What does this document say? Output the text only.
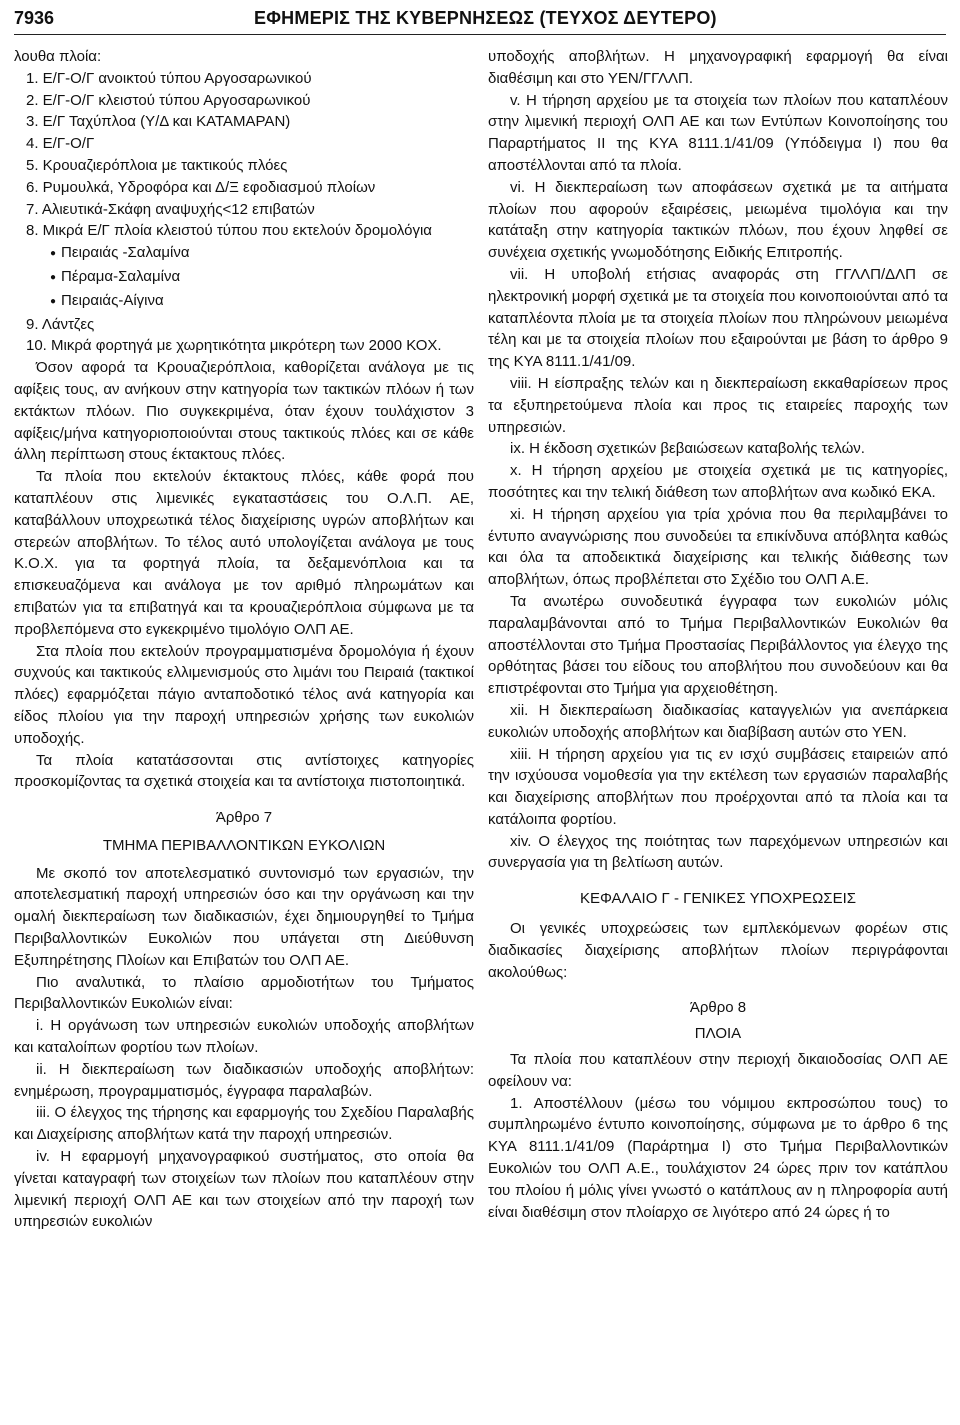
7936	ΕΦΗΜΕΡΙΣ ΤΗΣ ΚΥΒΕΡΝΗΣΕΩΣ (ΤΕΥΧΟΣ ΔΕΥΤΕΡΟ)

λουθα πλοία:

1. Ε/Γ-Ο/Γ ανοικτού τύπου Αργοσαρωνικού
2. Ε/Γ-Ο/Γ κλειστού τύπου Αργοσαρωνικού
3. Ε/Γ Ταχύπλοα (Υ/Δ και ΚΑΤΑΜΑΡΑΝ)
4. Ε/Γ-Ο/Γ
5. Κρουαζιερόπλοια με τακτικούς πλόες
6. Ρυμουλκά, Υδροφόρα και Δ/Ξ εφοδιασμού πλοίων
7. Αλιευτικά-Σκάφη αναψυχής<12 επιβατών
8. Μικρά Ε/Γ πλοία κλειστού τύπου που εκτελούν δρομολόγια
● Πειραιάς -Σαλαμίνα
● Πέραμα-Σαλαμίνα
● Πειραιάς-Αίγινα
9. Λάντζες
10. Μικρά φορτηγά με χωρητικότητα μικρότερη των 2000 ΚΟΧ.

Όσον αφορά τα Κρουαζιερόπλοια, καθορίζεται ανάλογα με τις αφίξεις τους, αν ανήκουν στην κατηγορία των τακτικών πλόων ή των εκτάκτων πλόων. Πιο συγκεκριμένα, όταν έχουν τουλάχιστον 3 αφίξεις/μήνα κατηγοριοποιούνται στους τακτικούς πλόες και σε κάθε άλλη περίπτωση στους έκτακτους πλόες.

Τα πλοία που εκτελούν έκτακτους πλόες, κάθε φορά που καταπλέουν στις λιμενικές εγκαταστάσεις του Ο.Λ.Π. ΑΕ, καταβάλλουν υποχρεωτικά τέλος διαχείρισης υγρών αποβλήτων και στερεών αποβλήτων. Το τέλος αυτό υπολογίζεται ανάλογα με τους Κ.Ο.Χ. για τα φορτηγά πλοία, τα δεξαμενόπλοια και τα επισκευαζόμενα και ανάλογα με τον αριθμό πληρωμάτων και επιβατών για τα επιβατηγά και τα κρουαζιερόπλοια σύμφωνα με τα προβλεπόμενα στο εγκεκριμένο τιμολόγιο ΟΛΠ ΑΕ.

Στα πλοία που εκτελούν προγραμματισμένα δρομολόγια ή έχουν συχνούς και τακτικούς ελλιμενισμούς στο λιμάνι του Πειραιά (τακτικοί πλόες) εφαρμόζεται πάγιο ανταποδοτικό τέλος ανά κατηγορία και είδος πλοίου για την παροχή υπηρεσιών χρήσης των ευκολιών υποδοχής.

Τα πλοία κατατάσσονται στις αντίστοιχες κατηγορίες προσκομίζοντας τα σχετικά στοιχεία και τα αντίστοιχα πιστοποιητικά.

Άρθρο 7

ΤΜΗΜΑ ΠΕΡΙΒΑΛΛΟΝΤΙΚΩΝ ΕΥΚΟΛΙΩΝ

Με σκοπό τον αποτελεσματικό συντονισμό των εργασιών, την αποτελεσματική παροχή υπηρεσιών όσο και την οργάνωση και την ομαλή διεκπεραίωση των διαδικασιών, έχει δημιουργηθεί το Τμήμα Περιβαλλοντικών Ευκολιών που υπάγεται στη Διεύθυνση Εξυπηρέτησης Πλοίων και Επιβατών του ΟΛΠ ΑΕ.

Πιο αναλυτικά, το πλαίσιο αρμοδιοτήτων του Τμήματος Περιβαλλοντικών Ευκολιών είναι:

i. Η οργάνωση των υπηρεσιών ευκολιών υποδοχής αποβλήτων και καταλοίπων φορτίου των πλοίων.

ii. Η διεκπεραίωση των διαδικασιών υποδοχής αποβλήτων: ενημέρωση, προγραμματισμός, έγγραφα παραλαβών.

iii. Ο έλεγχος της τήρησης και εφαρμογής του Σχεδίου Παραλαβής και Διαχείρισης αποβλήτων κατά την παροχή υπηρεσιών.

iv. Η εφαρμογή μηχανογραφικού συστήματος, στο οποία θα γίνεται καταγραφή των στοιχείων των πλοίων που καταπλέουν στην λιμενική περιοχή ΟΛΠ ΑΕ και των στοιχείων από την παροχή των υπηρεσιών ευκολιών

υποδοχής αποβλήτων. Η μηχανογραφική εφαρμογή θα είναι διαθέσιμη και στο ΥΕΝ/ΓΓΛΛΠ.

v. Η τήρηση αρχείου με τα στοιχεία των πλοίων που καταπλέουν στην λιμενική περιοχή ΟΛΠ ΑΕ και των Εντύπων Κοινοποίησης του Παραρτήματος ΙΙ της ΚΥΑ 8111.1/41/09 (Υπόδειγμα Ι) που θα αποστέλλονται από τα πλοία.

vi. Η διεκπεραίωση των αποφάσεων σχετικά με τα αιτήματα πλοίων που αφορούν εξαιρέσεις, μειωμένα τιμολόγια και την κατάταξη στην κατηγορία τακτικών πλόων, που έχουν ληφθεί σε συνέχεια σχετικής γνωμοδότησης Ειδικής Επιτροπής.

vii. Η υποβολή ετήσιας αναφοράς στη ΓΓΛΛΠ/ΔΛΠ σε ηλεκτρονική μορφή σχετικά με τα στοιχεία που κοινοποιούνται από τα καταπλέοντα πλοία με τα στοιχεία πλοίων που πληρώνουν μειωμένα τέλη και με τα στοιχεία πλοίων που εξαιρούνται με βάση το άρθρο 9 της ΚΥΑ 8111.1/41/09.

viii. Η είσπραξης τελών και η διεκπεραίωση εκκαθαρίσεων προς τα εξυπηρετούμενα πλοία και προς τις εταιρείες παροχής των υπηρεσιών.

ix. Η έκδοση σχετικών βεβαιώσεων καταβολής τελών.

x. Η τήρηση αρχείου με στοιχεία σχετικά με τις κατηγορίες, ποσότητες και την τελική διάθεση των αποβλήτων ανα κωδικό ΕΚΑ.

xi. Η τήρηση αρχείου για τρία χρόνια που θα περιλαμβάνει το έντυπο αναγνώρισης που συνοδεύει τα επικίνδυνα απόβλητα καθώς και όλα τα αποδεικτικά διαχείρισης και τελικής διάθεσης των αποβλήτων, όπως προβλέπεται στο Σχέδιο του ΟΛΠ Α.Ε.

Τα ανωτέρω συνοδευτικά έγγραφα των ευκολιών μόλις παραλαμβάνονται από το Τμήμα Περιβαλλοντικών Ευκολιών θα αποστέλλονται στο Τμήμα Προστασίας Περιβάλλοντος για έλεγχο της ορθότητας βάσει του είδους του αποβλήτου που συνοδεύουν και θα επιστρέφονται στο Τμήμα για αρχειοθέτηση.

xii. Η διεκπεραίωση διαδικασίας καταγγελιών για ανεπάρκεια ευκολιών υποδοχής αποβλήτων και διαβίβαση αυτών στο ΥΕΝ.

xiii. Η τήρηση αρχείου για τις εν ισχύ συμβάσεις εταιρειών από την ισχύουσα νομοθεσία για την εκτέλεση των εργασιών παραλαβής και διαχείρισης αποβλήτων που προέρχονται από τα πλοία και τα κατάλοιπα φορτίου.

xiv. Ο έλεγχος της ποιότητας των παρεχόμενων υπηρεσιών και συνεργασία για τη βελτίωση αυτών.

ΚΕΦΑΛΑΙΟ Γ - ΓΕΝΙΚΕΣ ΥΠΟΧΡΕΩΣΕΙΣ

Οι γενικές υποχρεώσεις των εμπλεκόμενων φορέων στις διαδικασίες διαχείρισης αποβλήτων πλοίων περιγράφονται ακολούθως:

Άρθρο 8

ΠΛΟΙΑ

Τα πλοία που καταπλέουν στην περιοχή δικαιοδοσίας ΟΛΠ ΑΕ οφείλουν να:

1. Αποστέλλουν (μέσω του νόμιμου εκπροσώπου τους) το συμπληρωμένο έντυπο κοινοποίησης, σύμφωνα με το άρθρο 6 της ΚΥΑ 8111.1/41/09 (Παράρτημα Ι) στο Τμήμα Περιβαλλοντικών Ευκολιών του ΟΛΠ Α.Ε., τουλάχιστον 24 ώρες πριν τον κατάπλου του πλοίου ή μόλις γίνει γνωστό ο κατάπλους αν η πληροφορία αυτή είναι διαθέσιμη στον πλοίαρχο σε λιγότερο από 24 ώρες ή το
